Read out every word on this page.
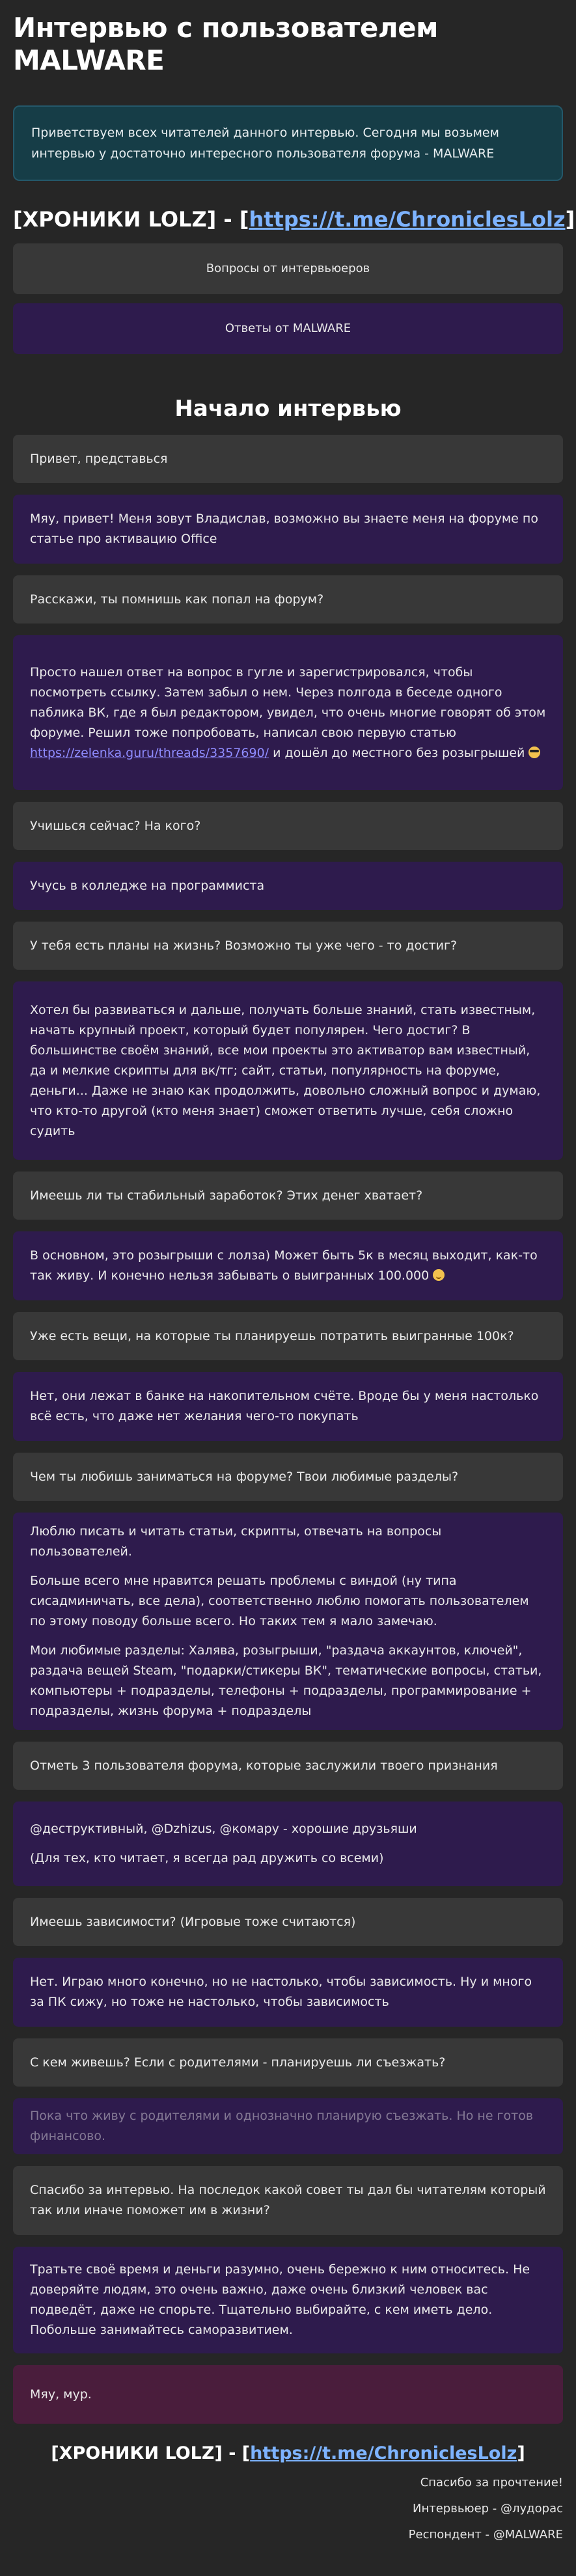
Интервью с пользователем MALWARE
Приветствуем всех читателей данного интервью. Сегодня мы возьмем интервью у достаточно интересного пользователя форума - MALWARE
[ХРОНИКИ LOLZ] - [https://t.me/ChroniclesLolz]
Вопросы от интервьюеров
Ответы от MALWARE
Начало интервью

Привет, представься

Мяу, привет! Меня зовут Владислав, возможно вы знаете меня на форуме по статье про активацию Office

Расскажи, ты помнишь как попал на форум?

Просто нашел ответ на вопрос в гугле и зарегистрировался, чтобы посмотреть ссылку. Затем забыл о нем. Через полгода в беседе одного паблика ВК, где я был редактором, увидел, что очень многие говорят об этом форуме. Решил тоже попробовать, написал свою первую статью https://zelenka.guru/threads/3357690/ и дошёл до местного без розыгрышей

Учишься сейчас? На кого?

Учусь в колледже на программиста

У тебя есть планы на жизнь? Возможно ты уже чего - то достиг?

Хотел бы развиваться и дальше, получать больше знаний, стать известным, начать крупный проект, который будет популярен. Чего достиг? В большинстве своём знаний, все мои проекты это активатор вам известный, да и мелкие скрипты для вк/тг; сайт, статьи, популярность на форуме, деньги... Даже не знаю как продолжить, довольно сложный вопрос и думаю, что кто-то другой (кто меня знает) сможет ответить лучше, себя сложно судить

Имеешь ли ты стабильный заработок? Этих денег хватает?

В основном, это розыгрыши с лолза) Может быть 5к в месяц выходит, как-то так живу. И конечно нельзя забывать о выигранных 100.000

Уже есть вещи, на которые ты планируешь потратить выигранные 100к?

Нет, они лежат в банке на накопительном счёте. Вроде бы у меня настолько всё есть, что даже нет желания чего-то покупать

Чем ты любишь заниматься на форуме? Твои любимые разделы?

Люблю писать и читать статьи, скрипты, отвечать на вопросы пользователей.

Больше всего мне нравится решать проблемы с виндой (ну типа сисадминичать, все дела), соответственно люблю помогать пользователем по этому поводу больше всего. Но таких тем я мало замечаю.

Мои любимые разделы: Халява, розыгрыши, "раздача аккаунтов, ключей", раздача вещей Steam, "подарки/стикеры ВК", тематические вопросы, статьи, компьютеры + подразделы, телефоны + подразделы, программирование + подразделы, жизнь форума + подразделы

Отметь 3 пользователя форума, которые заслужили твоего признания

@деструктивный, @Dzhizus, @комару - хорошие друзьяши

(Для тех, кто читает, я всегда рад дружить со всеми)

Имеешь зависимости? (Игровые тоже считаются)

Нет. Играю много конечно, но не настолько, чтобы зависимость. Ну и много за ПК сижу, но тоже не настолько, чтобы зависимость

С кем живешь? Если с родителями - планируешь ли съезжать?

Пока что живу с родителями и однозначно планирую съезжать. Но не готов финансово.

Спасибо за интервью. На последок какой совет ты дал бы читателям который так или иначе поможет им в жизни?

Тратьте своё время и деньги разумно, очень бережно к ним относитесь. Не доверяйте людям, это очень важно, даже очень близкий человек вас подведёт, даже не спорьте. Тщательно выбирайте, с кем иметь дело. Побольше занимайтесь саморазвитием.

Мяу, мур.

[ХРОНИКИ LOLZ] - [https://t.me/ChroniclesLolz]
Спасибо за прочтение!
Интервьюер - @лудорас
Респондент - @MALWARE
